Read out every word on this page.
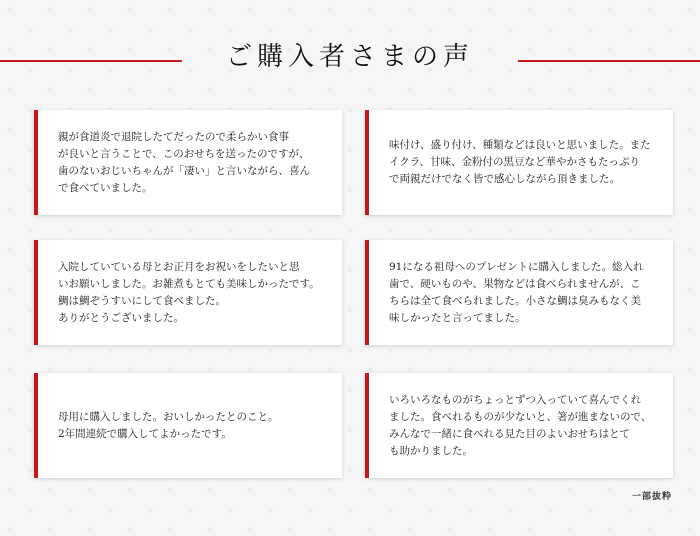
ご購入者さまの声

親が食道炎で退院したてだったので柔らかい食事
が良いと言うことで、このおせちを送ったのですが、
歯のないおじいちゃんが「凄い」と言いながら、喜ん
で食べていました。

味付け、盛り付け、種類などは良いと思いました。また
イクラ、甘味、金粉付の黒豆など華やかさもたっぷり
で両親だけでなく皆で感心しながら頂きました。

入院していている母とお正月をお祝いをしたいと思
いお願いしました。お雑煮もとても美味しかったです。
鯛は鯛ぞうすいにして食べました。
ありがとうございました。

91になる祖母へのプレゼントに購入しました。総入れ
歯で、硬いものや、果物などは食べられませんが、こ
ちらは全て食べられました。小さな鯛は臭みもなく美
味しかったと言ってました。

母用に購入しました。おいしかったとのこと。
2年間連続で購入してよかったです。

いろいろなものがちょっとずつ入っていて喜んでくれ
ました。食べれるものが少ないと、箸が進まないので、
みんなで一緒に食べれる見た目のよいおせちはとて
も助かりました。

一部抜粋
